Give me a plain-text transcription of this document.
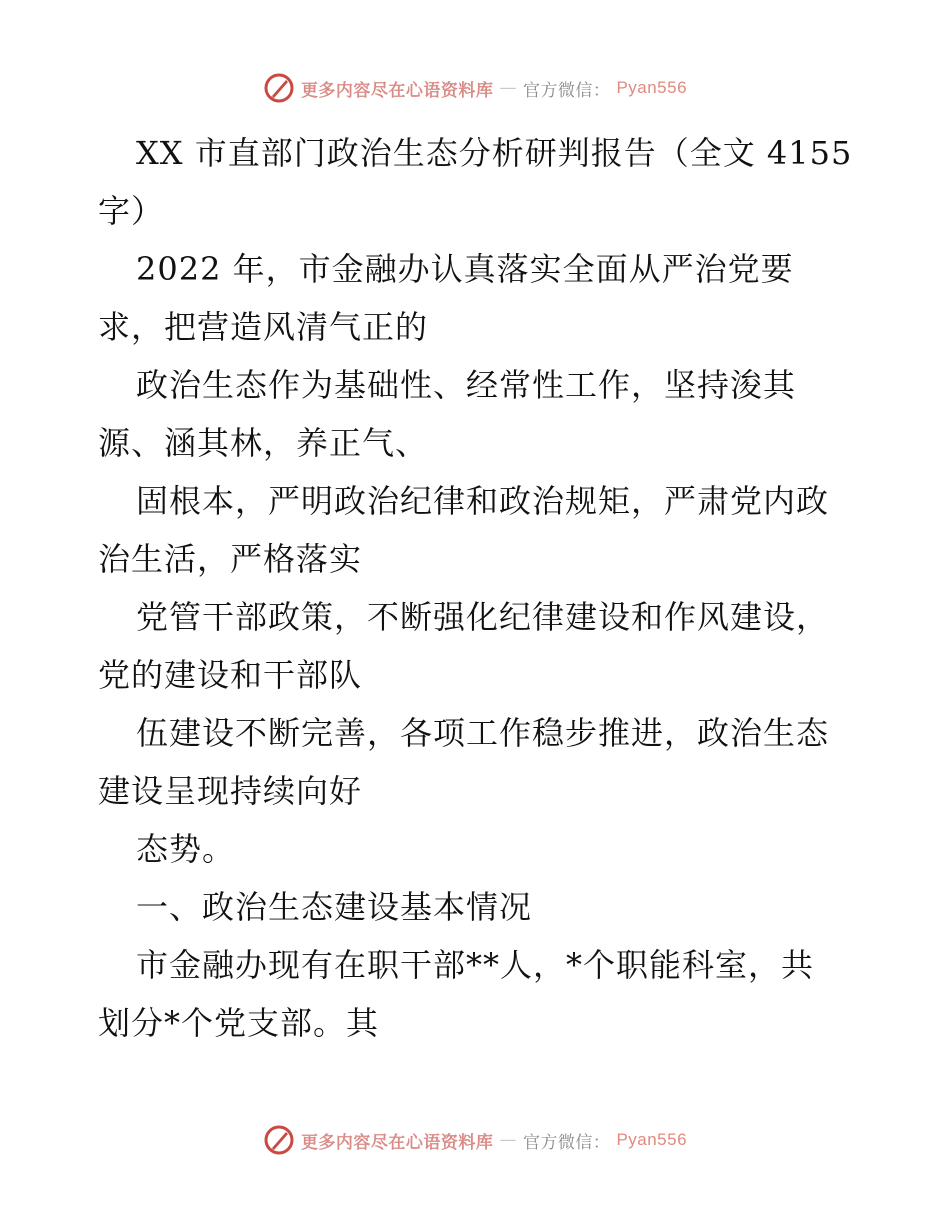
更多内容尽在心语资料库 — 官方微信： Pyan556
XX 市直部门政治生态分析研判报告（全文 4155
字）
2022 年，市金融办认真落实全面从严治党要
求，把营造风清气正的
政治生态作为基础性、经常性工作，坚持浚其
源、涵其林，养正气、
固根本，严明政治纪律和政治规矩，严肃党内政
治生活，严格落实
党管干部政策，不断强化纪律建设和作风建设，
党的建设和干部队
伍建设不断完善，各项工作稳步推进，政治生态
建设呈现持续向好
态势。
一、政治生态建设基本情况
市金融办现有在职干部**人，*个职能科室，共
划分*个党支部。其
更多内容尽在心语资料库 — 官方微信： Pyan556
